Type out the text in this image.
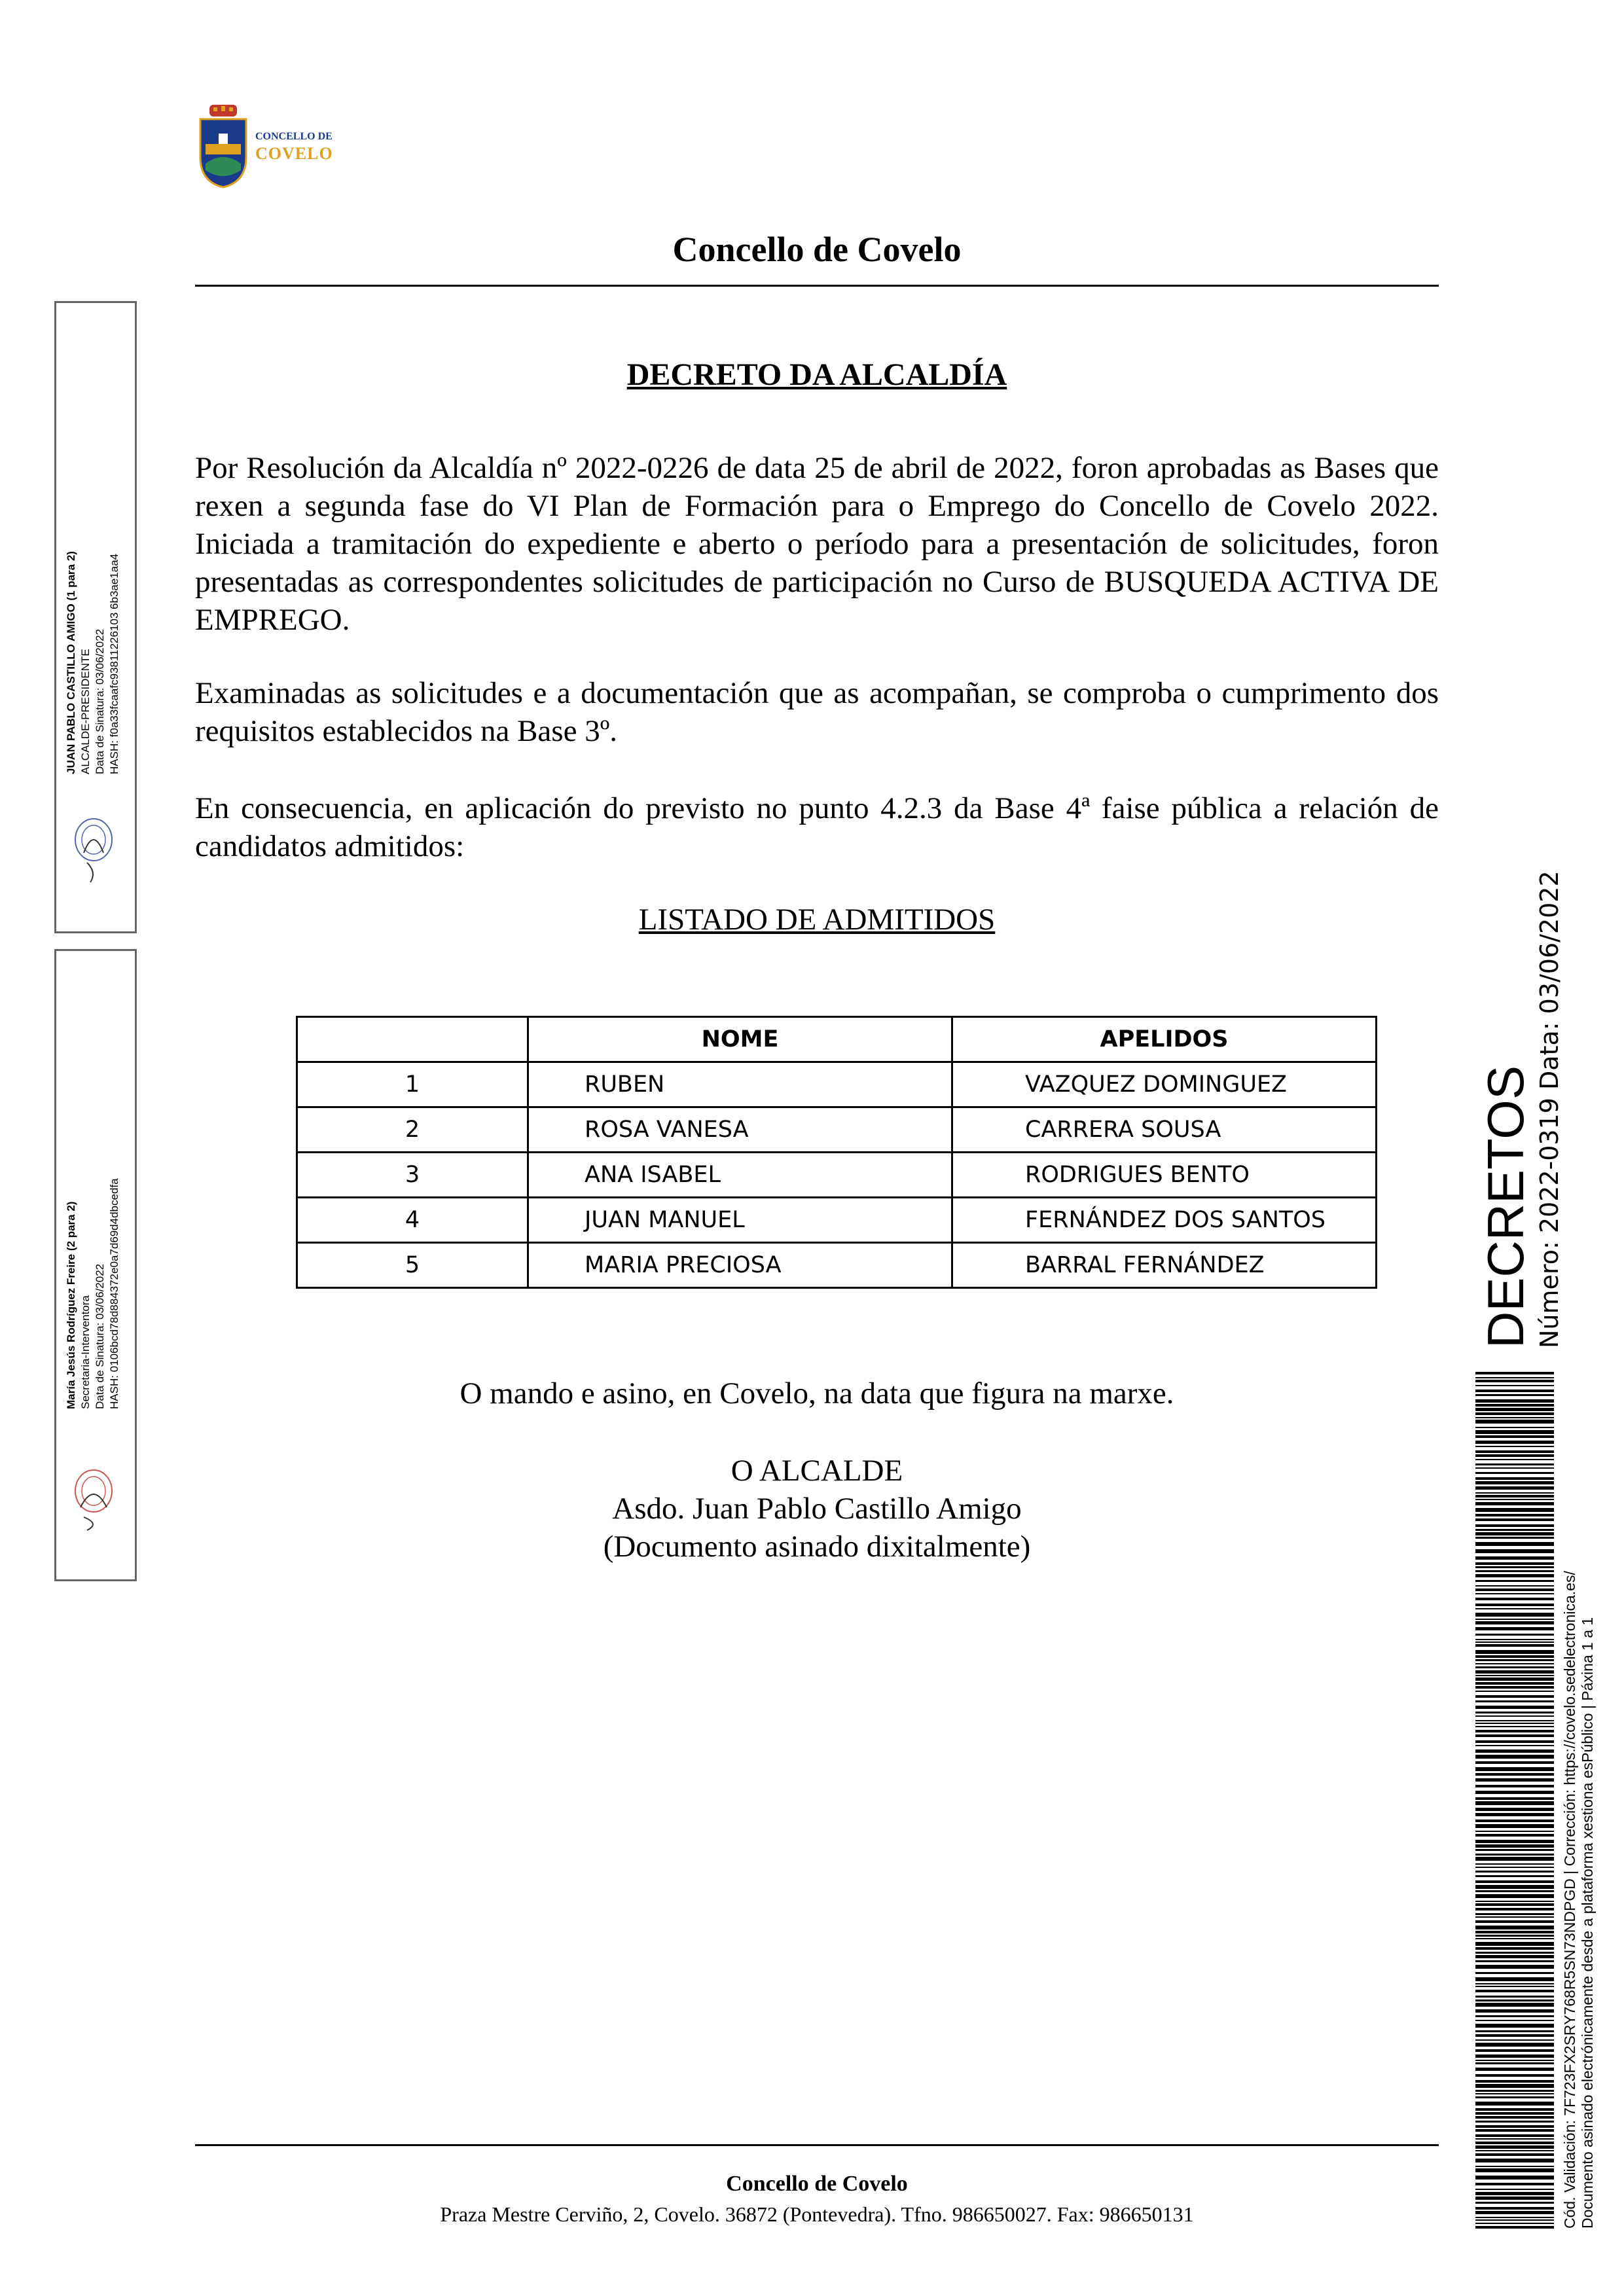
CONCELLO DE
COVELO
Concello de Covelo
DECRETO DA ALCALDÍA
Por Resolución da Alcaldía nº 2022-0226 de data 25 de abril de 2022, foron aprobadas as Bases que rexen a segunda fase do VI Plan de Formación para o Emprego do Concello de Covelo 2022. Iniciada a tramitación do expediente e aberto o período para a presentación de solicitudes, foron presentadas as correspondentes solicitudes de participación no Curso de BUSQUEDA ACTIVA DE EMPREGO.
Examinadas as solicitudes e a documentación que as acompañan, se comproba o cumprimento dos requisitos establecidos na Base 3º.
En consecuencia, en aplicación do previsto no punto 4.2.3 da Base 4ª faise pública a relación de candidatos admitidos:
LISTADO DE ADMITIDOS
	NOME	APELIDOS
1	RUBEN	VAZQUEZ DOMINGUEZ
2	ROSA VANESA	CARRERA SOUSA
3	ANA ISABEL	RODRIGUES BENTO
4	JUAN MANUEL	FERNÁNDEZ DOS SANTOS
5	MARIA PRECIOSA	BARRAL FERNÁNDEZ
O mando e asino, en Covelo, na data que figura na marxe.
O ALCALDE
Asdo. Juan Pablo Castillo Amigo
(Documento asinado dixitalmente)
Concello de Covelo
Praza Mestre Cerviño, 2, Covelo. 36872 (Pontevedra). Tfno. 986650027. Fax: 986650131
JUAN PABLO CASTILLO AMIGO (1 para 2) ALCALDE-PRESIDENTE Data de Sinatura: 03/06/2022 HASH: f0a33fcaafc93811226103 6b3ae1aa4
María Jesús Rodríguez Freire (2 para 2) Secretaria-Interventora Data de Sinatura: 03/06/2022 HASH: 0106bcd78d884372e0a7d69d4dbcedfa	DECRETOS Número: 2022-0319 Data: 03/06/2022
Cód. Validación: 7F723FX2SRY768R5SN73NDPGD | Corrección: https://covelo.sedelectronica.es/ Documento asinado electrónicamente desde a plataforma xestiona esPúblico | Páxina 1 a 1
